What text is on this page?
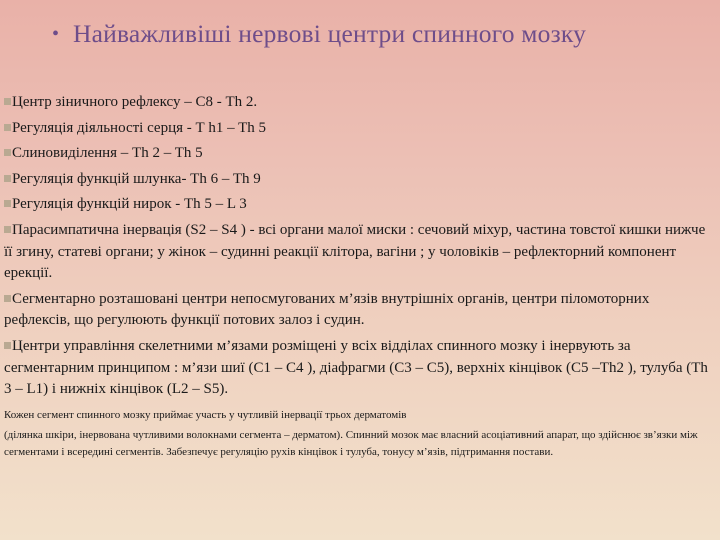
• Найважливіші нервові центри спинного мозку
Центр зіничного рефлексу – С8 - Th 2.
Регуляція діяльності серця - Т h1 – Th 5
Слиновиділення – Th 2 – Th 5
Регуляція функцій шлунка- Th 6 – Th 9
Регуляція функцій нирок - Th 5 – L 3
Парасимпатична інервація (S2 – S4 ) - всі органи малої миски : сечовий міхур, частина товстої кишки нижче її згину, статеві органи; у жінок – судинні реакції клітора, вагіни ; у чоловіків – рефлекторний компонент ерекції.
Сегментарно розташовані центри непосмугованих м’язів внутрішніх органів, центри піломоторних рефлексів, що регулюють функції потових залоз і судин.
Центри управління скелетними м’язами розміщені у всіх відділах спинного мозку і інервують за сегментарним принципом : м’язи шиї (С1 – С4 ), діафрагми (С3 – С5), верхніх кінцівок (С5 –Th2 ), тулуба (Th 3 – L1) і нижніх кінцівок (L2 – S5).
Кожен сегмент спинного мозку приймає участь у чутливій інервації трьох дерматомів
(ділянка шкіри, інервована чутливими волокнами сегмента – дерматом). Спинний мозок має власний асоціативний апарат, що здійснює зв’язки між сегментами і всередині сегментів. Забезпечує регуляцію рухів кінцівок і тулуба, тонусу м’язів, підтримання постави.
